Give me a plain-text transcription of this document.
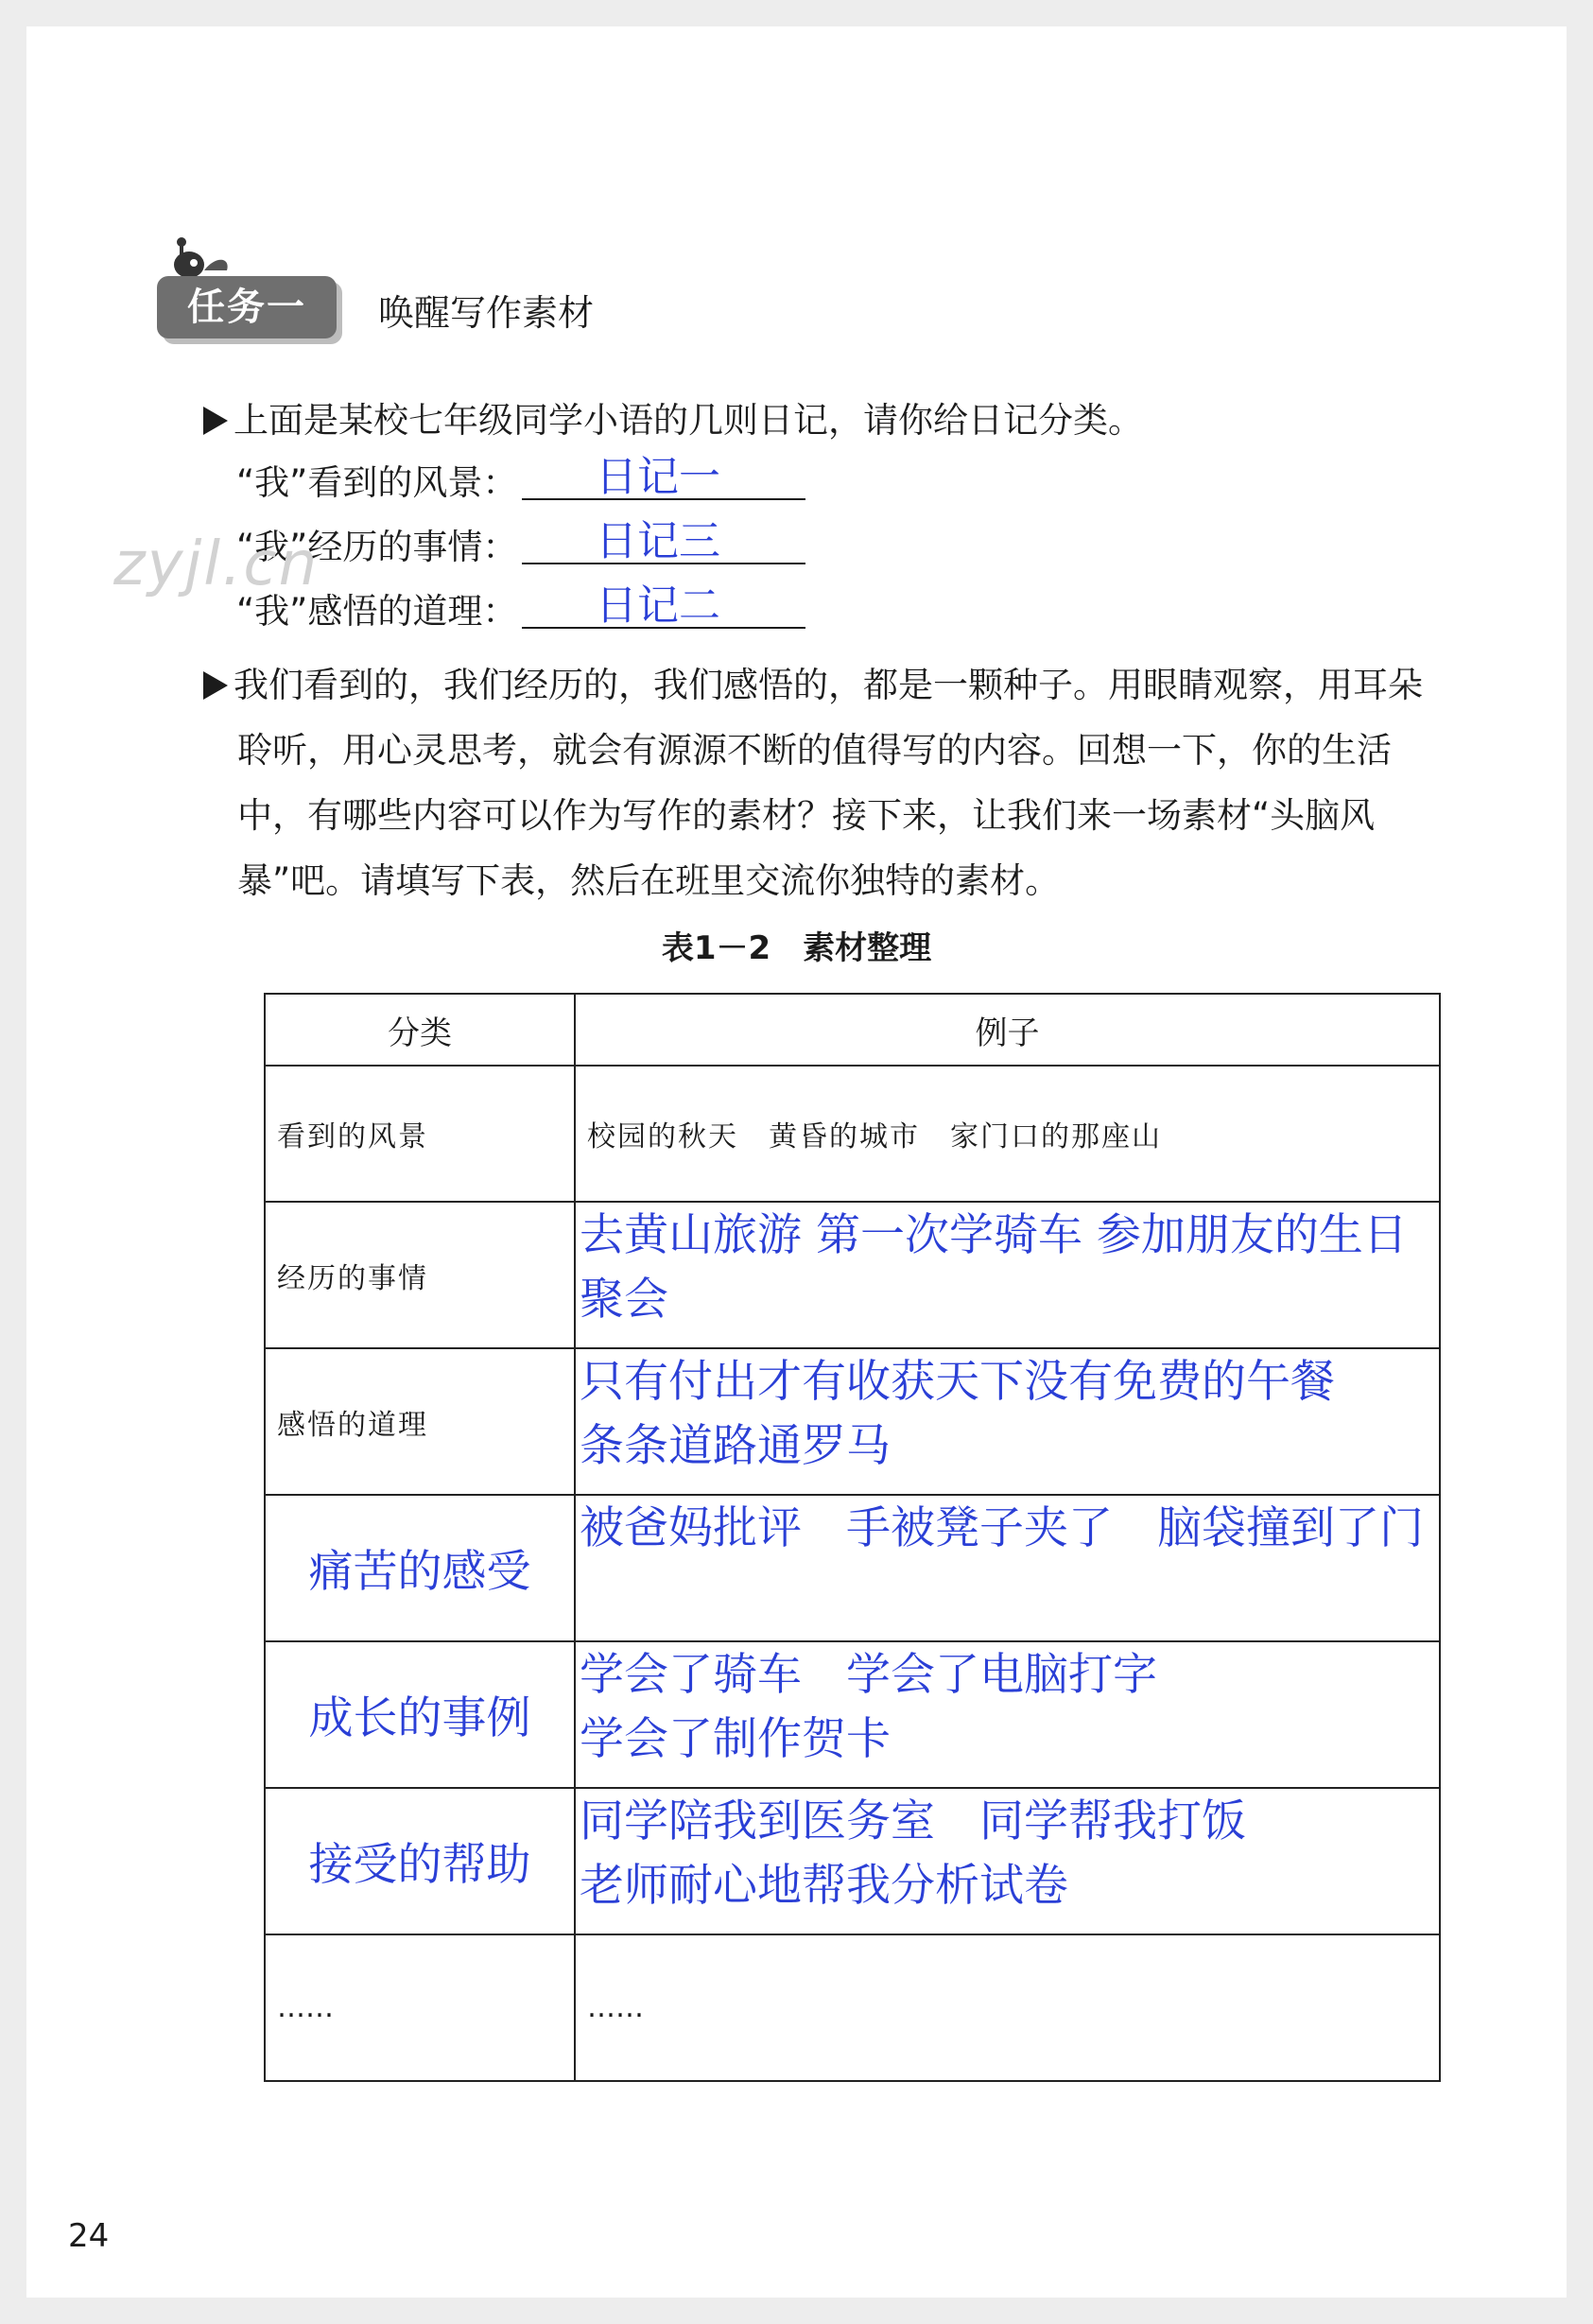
任务一	唤醒写作素材
上面是某校七年级同学小语的几则日记，请你给日记分类。
“我”看到的风景： 日记一
“我”经历的事情： 日记三
“我”感悟的道理： 日记二
zyjl.cn
我们看到的，我们经历的，我们感悟的，都是一颗种子。用眼睛观察，用耳朵
聆听，用心灵思考，就会有源源不断的值得写的内容。回想一下，你的生活
中，有哪些内容可以作为写作的素材？接下来，让我们来一场素材“头脑风
暴”吧。请填写下表，然后在班里交流你独特的素材。
表1－2　素材整理
分类	例子
看到的风景	校园的秋天　黄昏的城市　家门口的那座山
经历的事情	去黄山旅游 第一次学骑车 参加朋友的生日
聚会

感悟的道理	只有付出才有收获天下没有免费的午餐
条条道路通罗马

痛苦的感受	被爸妈批评　手被凳子夹了　脑袋撞到了门

成长的事例	学会了骑车　学会了电脑打字
学会了制作贺卡

接受的帮助	同学陪我到医务室　同学帮我打饭
老师耐心地帮我分析试卷

……	……
24
